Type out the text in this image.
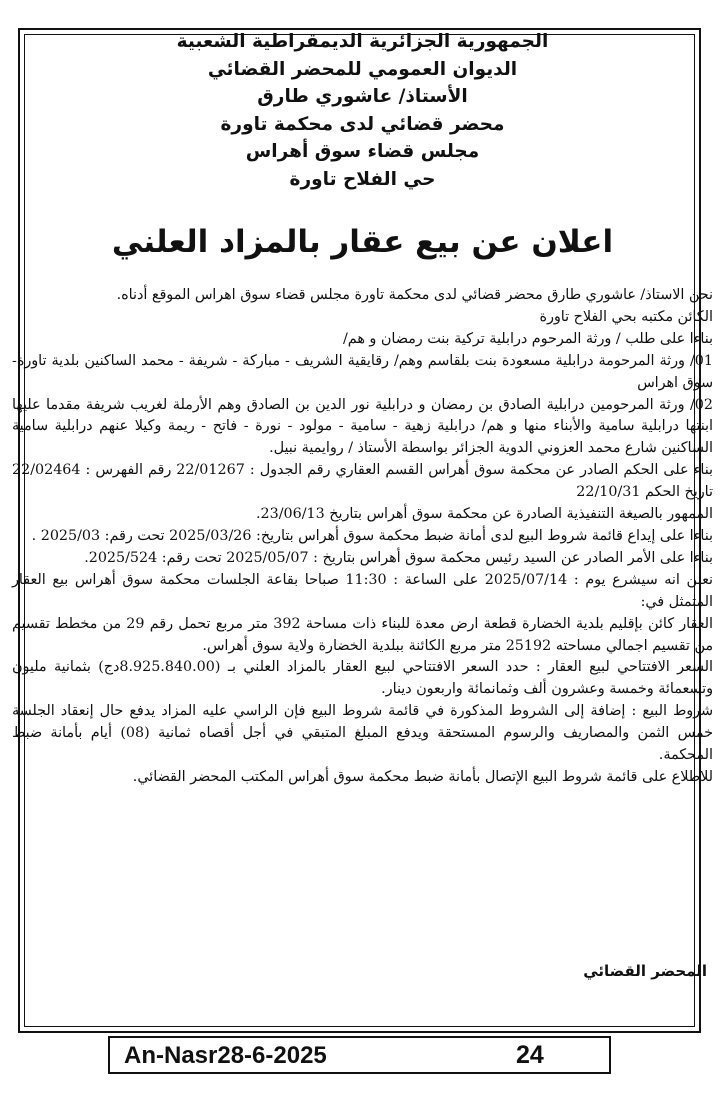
الجمهورية الجزائرية الديمقراطية الشعبية
الديوان العمومي للمحضر القضائي
الأستاذ/ عاشوري طارق
محضر قضائي لدى محكمة تاورة
مجلس قضاء سوق أهراس
حي الفلاح تاورة
اعلان عن بيع عقار بالمزاد العلني

نحن الاستاذ/ عاشوري طارق محضر قضائي لدى محكمة تاورة مجلس قضاء سوق اهراس الموقع أدناه.

الكائن مكتبه بحي الفلاح تاورة

بناءا على طلب / ورثة المرحوم درابلية تركية بنت رمضان و هم/

01/ ورثة المرحومة درابلية مسعودة بنت بلقاسم وهم/ رقايقية الشريف - مباركة - شريفة - محمد الساكنين بلدية تاورة- سوق اهراس

02/ ورثة المرحومين درابلية الصادق بن رمضان و درابلية نور الدين بن الصادق وهم الأرملة لغريب شريفة مقدما عليها ابنتها درابلية سامية والأبناء منها و هم/ درابلية زهية - سامية - مولود - نورة - فاتح - ريمة وكيلا عنهم درابلية سامية الساكنين شارع محمد العزوني الدوية الجزائر بواسطة الأستاذ / روايمية نبيل.

بناء على الحكم الصادر عن محكمة سوق أهراس القسم العقاري رقم الجدول : 22/01267 رقم الفهرس : 22/02464 تاريخ الحكم 22/10/31

الممهور بالصيغة التنفيذية الصادرة عن محكمة سوق أهراس بتاريخ 23/06/13.

بناءا على إيداع قائمة شروط البيع لدى أمانة ضبط محكمة سوق أهراس بتاريخ: 2025/03/26 تحت رقم: 2025/03 .

بناءا على الأمر الصادر عن السيد رئيس محكمة سوق أهراس بتاريخ : 2025/05/07 تحت رقم: 2025/524.

نعلن انه سيشرع يوم : 2025/07/14 على الساعة : 11:30 صباحا بقاعة الجلسات محكمة سوق أهراس بيع العقار المتمثل في:

العقار كائن بإقليم بلدية الخضارة قطعة ارض معدة للبناء ذات مساحة 392 متر مربع تحمل رقم 29 من مخطط تقسيم من تقسيم اجمالي مساحته 25192 متر مربع الكائنة ببلدية الخضارة ولاية سوق أهراس.

السعر الافتتاحي لبيع العقار : حدد السعر الافتتاحي لبيع العقار بالمزاد العلني بـ (8.925.840.00دج) بثمانية مليون وتسعمائة وخمسة وعشرون ألف وثمانمائة واربعون دينار.

شروط البيع : إضافة إلى الشروط المذكورة في قائمة شروط البيع فإن الراسي عليه المزاد يدفع حال إنعقاد الجلسة خمس الثمن والمصاريف والرسوم المستحقة ويدفع المبلغ المتبقي في أجل أقصاه ثمانية (08) أيام بأمانة ضبط المحكمة.

للاطلاع على قائمة شروط البيع الإتصال بأمانة ضبط محكمة سوق أهراس المكتب المحضر القضائي.

المحضر القضائي
An-Nasr28-6-2025	24
